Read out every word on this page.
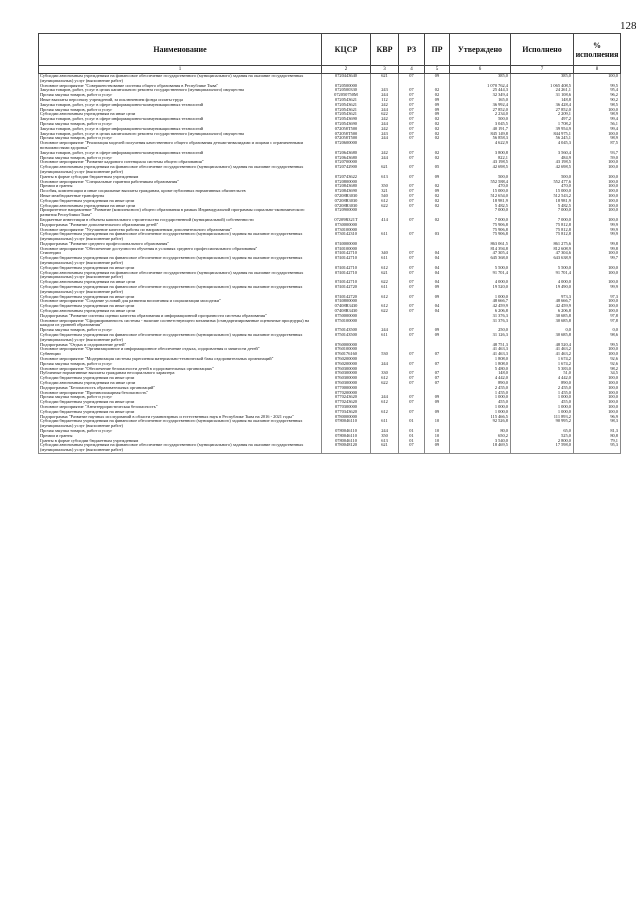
128
Наименование	КЦСР	КВР	РЗ	ПР	Утверждено	Исполнено	% исполнения
1	2	3	4	5	6	7	8
Субсидии автономным учреждениям на финансовое обеспечение государственного (муниципального) задания на оказание государственных (муниципальных) услуг (выполнение работ)	0720443640	621	07	09	385,0	385,0	100,0
Основное мероприятие "Совершенствование системы общего образования в Республике Тыва"	0720500000				1 070 762,4	1 065 408,5	99,5
Закупка товаров, работ, услуг в целях капитального ремонта государственного (муниципального) имущества	0720500330	243	07	02	25 444,3	24 261,1	95,4
Прочая закупка товаров, работ и услуг	072050750М	244	07	02	32 349,4	31 108,6	96,2
Иные выплаты персоналу учреждений, за исключением фонда оплаты труда	0720543621	112	07	09	165,0	148,8	90,2
Закупка товаров, работ, услуг в сфере информационно-коммуникационных технологий	0720543621	242	07	09	36 992,4	36 428,4	98,5
Прочая закупка товаров, работ и услуг	0720543621	244	07	09	27 852,0	27 852,0	100,0
Субсидии автономным учреждениям на иные цели	0720543621	622	07	09	2 234,0	2 209,1	98,9
Закупка товаров, работ, услуг в сфере информационно-коммуникационных технологий	0720543690	242	07	02	500,0	497,2	99,4
Прочая закупка товаров, работ и услуг	0720543690	244	07	02	3 045,5	1 708,2	56,1
Закупка товаров, работ, услуг в сфере информационно-коммуникационных технологий	072058Т500	242	07	02	40 191,7	39 954,9	99,4
Закупка товаров, работ, услуг в целях капитального ремонта государственного (муниципального) имущества	072058Т500	243	07	02	845 149,8	844 975,1	100,0
Прочая закупка товаров, работ и услуг	072058Т500	244	07	02	56 858,3	56 245,1	98,9
Основное мероприятие "Реализация моделей получения качественного общего образования детьми-инвалидами и лицами с ограниченными возможностями здоровья"	0720600000				4 622,9	4 045,3	87,5
Закупка товаров, работ, услуг в сфере информационно-коммуникационных технологий	0720643680	242	07	02	3 800,8	3 560,4	93,7
Прочая закупка товаров, работ и услуг	0720643680	244	07	02	822,1	484,9	59,0
Основное мероприятие "Развитие кадрового потенциала системы общего образования"	0720700000				43 198,5	43 198,5	100,0
Субсидии автономным учреждениям на финансовое обеспечение государственного (муниципального) задания на оказание государственных (муниципальных) услуг (выполнение работ)	0720742900	621	07	05	42 698,5	42 698,5	100,0
Гранты в форме субсидии бюджетным учреждениям	0720743622	613	07	09	500,0	500,0	100,0
Основное мероприятие "Специальные гарантии работникам образования"	0720800000				552 588,4	552 477,6	100,0
Премии и гранты	0720843680	350	07	02	470,0	470,0	100,0
Пособия, компенсации и иные социальные выплаты гражданам, кроме публичных нормативных обязательств	0720843690	321	07	09	15 000,0	15 000,0	100,0
Иные межбюджетные трансферты	07208R3030	540	07	02	512 654,0	512 543,2	100,0
Субсидии бюджетным учреждениям на иные цели	07208R3030	612	07	02	18 981,9	18 981,9	100,0
Субсидии автономным учреждениям на иные цели	07208R3030	622	07	02	5 482,5	5 482,5	100,0
Приоритетное направление "Развитие (комплексного) общего образования в рамках Индивидуальной программы социально-экономического развития Республики Тыва"	0720900000				7 000,0	7 000,0	100,0
Бюджетные инвестиции в объекты капитального строительства государственной (муниципальной) собственности	07209R321Т	414	07	02	7 000,0	7 000,0	100,0
Подпрограмма "Развитие дополнительного образования детей"	0730000000				75 906,8	75 812,8	99,9
Основное мероприятие "Улучшение качества работы по направлениям дополнительного образования"	0730100000				75 906,8	75 812,8	99,9
Субсидии бюджетным учреждениям на финансовое обеспечение государственного (муниципального) задания на оказание государственных (муниципальных) услуг (выполнение работ)	0730142310	611	07	03	75 906,8	75 812,8	99,9
Подпрограмма "Развитие среднего профессионального образования"	0740000000				863 061,5	861 275,6	99,8
Основное мероприятие "Обеспечение доступности обучения в условиях среднего профессионального образования"	0740100000				814 394,8	812 608,9	99,8
Стипендии	0740142710	340	07	04	47 305,4	47 304,6	100,0
Субсидии бюджетным учреждениям на финансовое обеспечение государственного (муниципального) задания на оказание государственных (муниципальных) услуг (выполнение работ)	0740142710	611	07	04	645 368,0	643 638,9	99,7
Субсидии бюджетным учреждениям на иные цели	0740142710	612	07	04	5 500,0	5 500,0	100,0
Субсидии автономным учреждениям на финансовое обеспечение государственного (муниципального) задания на оказание государственных (муниципальных) услуг (выполнение работ)	0740142710	621	07	04	91 701,4	91 701,4	100,0
Субсидии автономным учреждениям на иные цели	0740142710	622	07	04	4 000,0	4 000,0	100,0
Субсидии бюджетным учреждениям на финансовое обеспечение государственного (муниципального) задания на оказание государственных (муниципальных) услуг (выполнение работ)	0740142720	611	07	09	19 520,0	19 490,0	99,9
Субсидии бюджетным учреждениям на иные цели	0740142720	612	07	09	1 000,0	973,3	97,3
Основное мероприятие "Создание условий для развития воспитания и социализации молодежи"	0740800000				48 666,7	48 666,7	100,0
Субсидии бюджетным учреждениям на иные цели	07408R3430	612	07	04	42 459,9	42 459,9	100,0
Субсидии автономным учреждениям на иные цели	07408R3430	622	07	04	6 206,8	6 206,8	100,0
Подпрограмма "Развитие системы оценки качества образования и информационной прозрачности системы образования"	0750000000				31 376,3	30 685,8	97,8
Основное мероприятие "Сформированность системы - наличие соответствующего механизма (стандартизированные оценочные процедуры) на каждом из уровней образования"	0750100000				31 376,3	30 685,8	97,8
Прочая закупка товаров, работ и услуг	0750143500	244	07	09	250,0	0,0	0,0
Субсидии бюджетным учреждениям на финансовое обеспечение государственного (муниципального) задания на оказание государственных (муниципальных) услуг (выполнение работ)	0750143500	611	07	09	31 126,3	30 685,8	98,6
Подпрограмма "Отдых и оздоровление детей"	0760000000				48 751,3	48 520,4	99,5
Основное мероприятие "Организационное и информационное обеспечение отдыха, оздоровления и занятости детей"	0760100000				41 463,3	41 463,2	100,0
Субвенции	0760176160	530	07	07	41 463,3	41 463,2	100,0
Основное мероприятие "Модернизация системы укрепления материально-технической базы оздоровительных организаций"	0760200000				1 808,0	1 674,2	92,6
Прочая закупка товаров, работ и услуг	0760200000	244	07	07	1 808,0	1 674,2	92,6
Основное мероприятие "Обеспечение безопасности детей в оздоровительных организациях"	0760300000				5 480,0	5 383,0	98,2
Публичные нормативные выплаты гражданам несоциального характера	0760300000	330	07	07	148,0	51,0	34,5
Субсидии бюджетным учреждениям на иные цели	0760300000	612	07	07	4 442,0	4 442,0	100,0
Субсидии автономным учреждениям на иные цели	0760300000	622	07	07	890,0	890,0	100,0
Подпрограмма "Безопасность образовательных организаций"	0770000000				2 455,0	2 455,0	100,0
Основное мероприятие "Противопожарная безопасность"	0770200000				1 455,0	1 455,0	100,0
Прочая закупка товаров, работ и услуг	0770243620	244	07	09	1 000,0	1 000,0	100,0
Субсидии бюджетным учреждениям на иные цели	0770243620	612	07	09	455,0	455,0	100,0
Основное мероприятие "Антитеррористическая безопасность"	0770300000				1 000,0	1 000,0	100,0
Субсидии бюджетным учреждениям на иные цели	0770343620	612	07	09	1 000,0	1 000,0	100,0
Подпрограмма "Развитие научных исследований в области гуманитарных и естественных наук в Республике Тыва на 2016 - 2021 годы"	0780000000				115 466,5	111 893,2	96,9
Субсидии бюджетным учреждениям на финансовое обеспечение государственного (муниципального) задания на оказание государственных (муниципальных) услуг (выполнение работ)	0780046110	611	01	10	92 526,8	90 995,2	98,3
Прочая закупка товаров, работ и услуг	0780046110	244	01	10	80,0	65,0	81,3
Премии и гранты	0780046110	350	01	10	650,2	525,0	80,8
Гранты в форме субсидии бюджетным учреждениям	0780046110	613	01	10	3 540,0	2 800,0	79,1
Субсидии автономным учреждениям на финансовое обеспечение государственного (муниципального) задания на оказание государственных (муниципальных) услуг (выполнение работ)	0780048120	621	07	09	18 469,5	17 598,0	95,3
